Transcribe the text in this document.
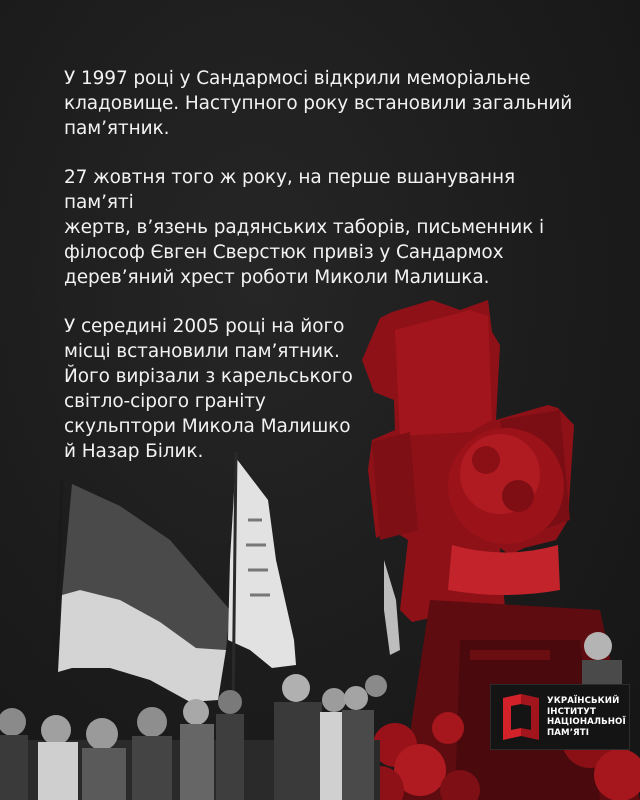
У 1997 році у Сандармосі відкрили меморіальне
кладовище. Наступного року встановили загальний
пам’ятник.

27 жовтня того ж року, на перше вшанування пам’яті
жертв, в’язень радянських таборів, письменник і
філософ Євген Сверстюк привіз у Сандармох
дерев’яний хрест роботи Миколи Малишка.

У середині 2005 році на його
місці встановили пам’ятник.
Його вирізали з карельського
світло-сірого граніту
скульптори Микола Малишко
й Назар Білик.

УКРАЇНСЬКИЙ
ІНСТИТУТ
НАЦІОНАЛЬНОЇ
ПАМ’ЯТІ
